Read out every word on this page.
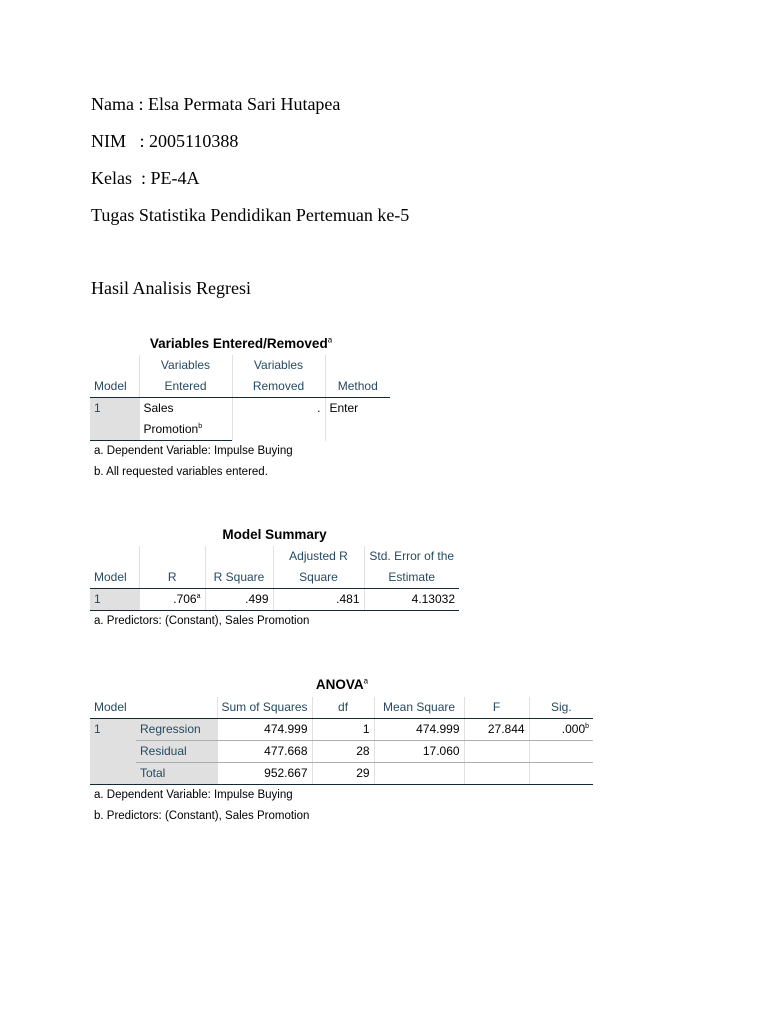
Nama : Elsa Permata Sari Hutapea
NIM   : 2005110388
Kelas  : PE-4A
Tugas Statistika Pendidikan Pertemuan ke-5
Hasil Analisis Regresi
Variables Entered/Removed$^a$
	Variables	Variables	
Model	Entered	Removed	Method
1	Sales	.	Enter
	Promotion$^b$
a. Dependent Variable: Impulse Buying
b. All requested variables entered.
Model Summary
			Adjusted R	Std. Error of the
Model	R	R Square	Square	Estimate
1	.706$^a$	.499	.481	4.13032
a. Predictors: (Constant), Sales Promotion
ANOVA$^a$
Model		Sum of Squares	df	Mean Square	F	Sig.
1	Regression	474.999	1	474.999	27.844	.000$^b$
	Residual	477.668	28	17.060		
	Total	952.667	29			
a. Dependent Variable: Impulse Buying
b. Predictors: (Constant), Sales Promotion
